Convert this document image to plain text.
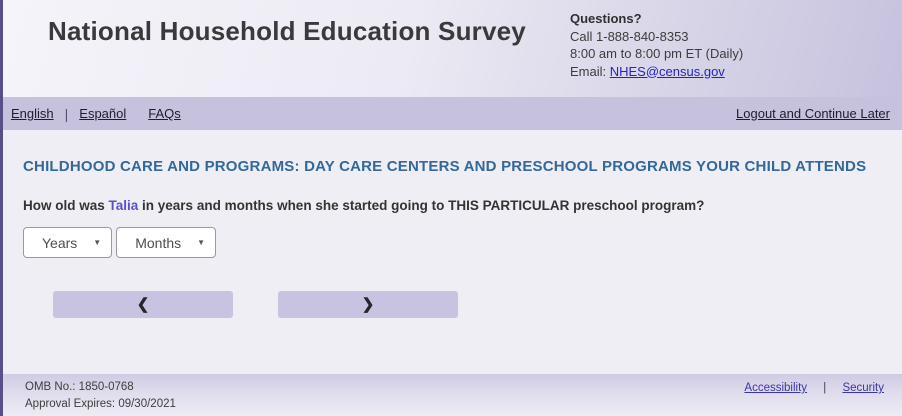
National Household Education Survey	Questions?
Call 1-888-840-8353
8:00 am to 8:00 pm ET (Daily)
Email: NHES@census.gov
English | Español FAQs	Logout and Continue Later
CHILDHOOD CARE AND PROGRAMS: DAY CARE CENTERS AND PRESCHOOL PROGRAMS YOUR CHILD ATTENDS
How old was Talia in years and months when she started going to THIS PARTICULAR preschool program?
Years ▼ Months ▼
❮	❯
OMB No.: 1850-0768
Approval Expires: 09/30/2021
Accessibility | Security
